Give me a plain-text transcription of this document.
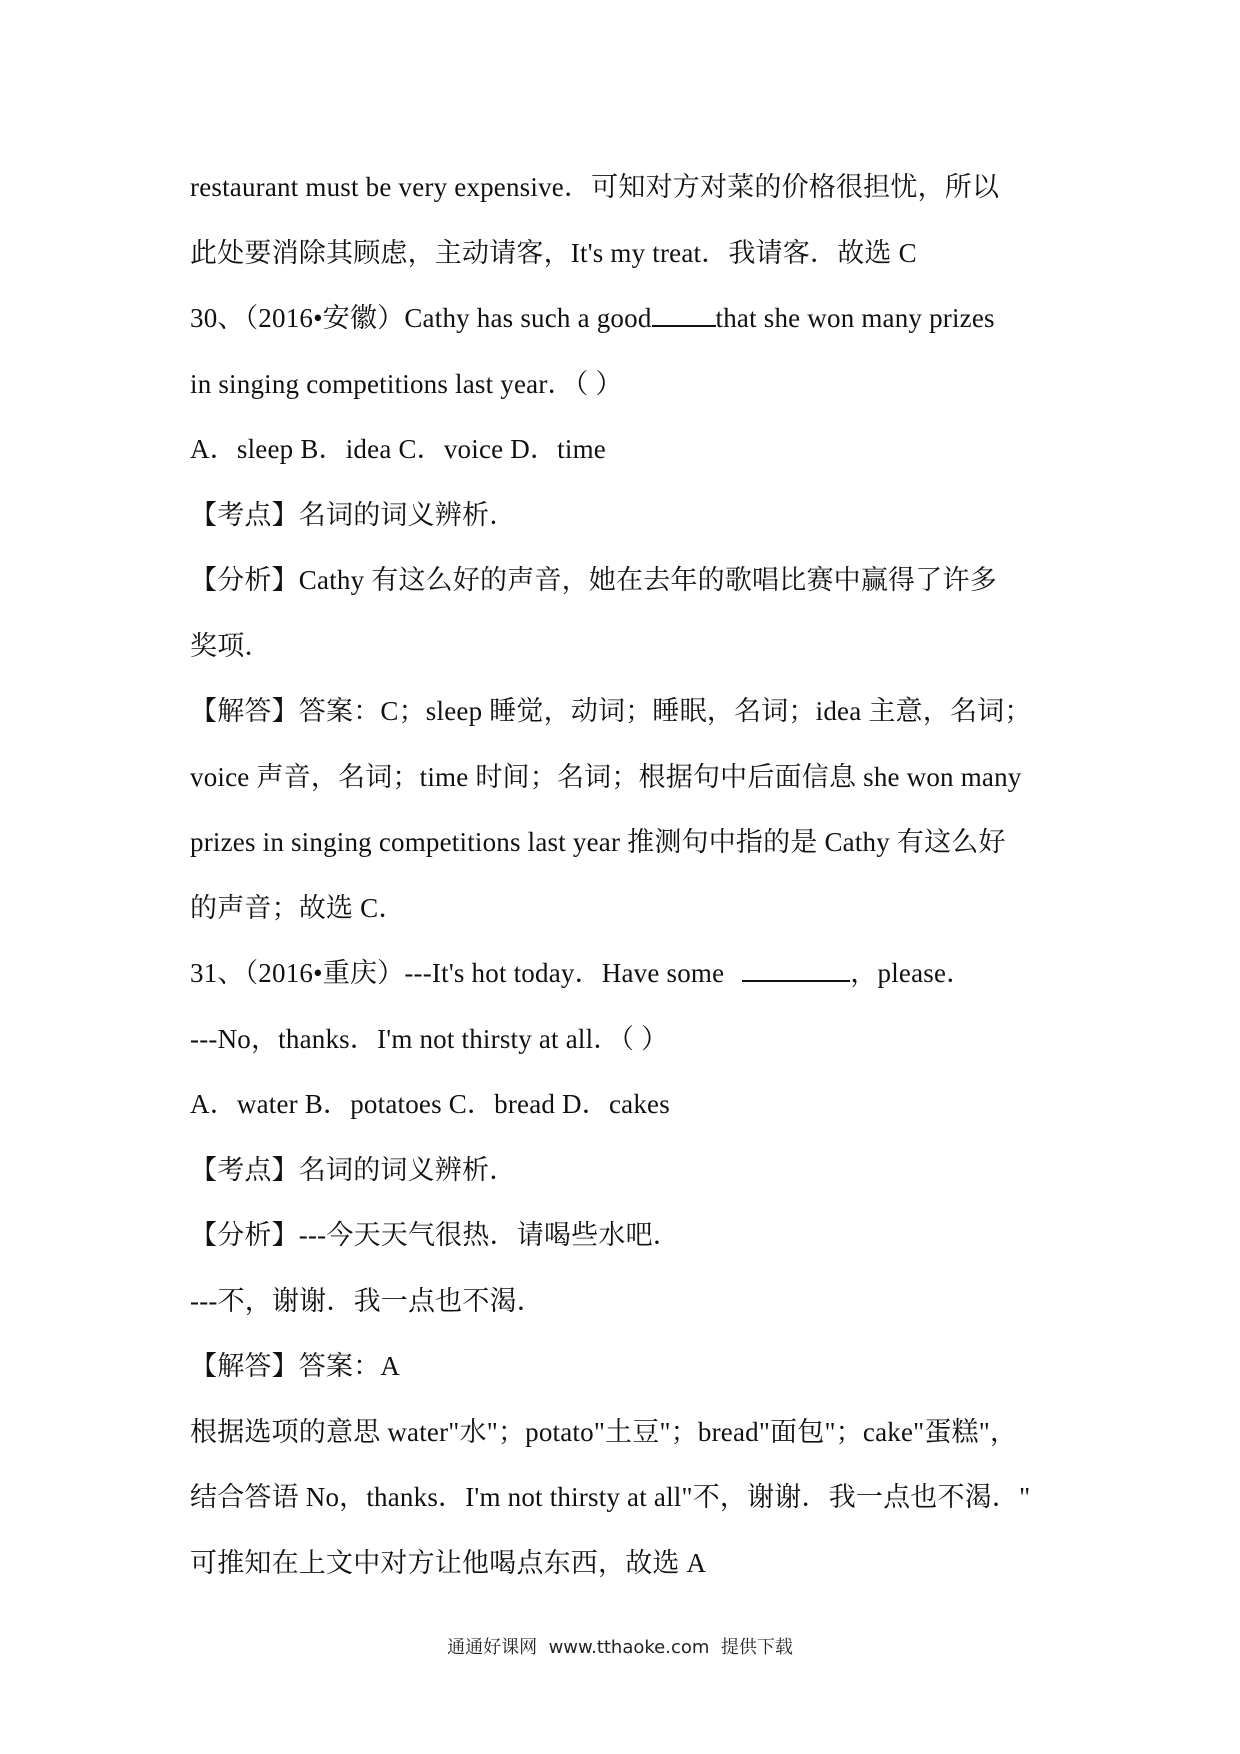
restaurant must be very expensive．可知对方对菜的价格很担忧，所以
此处要消除其顾虑，主动请客，It's my treat．我请客．故选 C
30、（2016•安徽）Cathy has such a good that she won many prizes
in singing competitions last year．（ ）
A．sleep B．idea C．voice D．time
【考点】名词的词义辨析．
【分析】Cathy 有这么好的声音，她在去年的歌唱比赛中赢得了许多
奖项．
【解答】答案：C；sleep 睡觉，动词；睡眠，名词；idea 主意，名词；
voice 声音，名词；time 时间；名词；根据句中后面信息 she won many
prizes in singing competitions last year 推测句中指的是 Cathy 有这么好
的声音；故选 C．
31、（2016•重庆）---It's hot today．Have some	，please．
---No，thanks．I'm not thirsty at all．（ ）
A．water B．potatoes C．bread D．cakes
【考点】名词的词义辨析．
【分析】---今天天气很热．请喝些水吧．
---不，谢谢．我一点也不渴．
【解答】答案：A
根据选项的意思 water"水"；potato"土豆"；bread"面包"；cake"蛋糕"，
结合答语 No，thanks．I'm not thirsty at all"不，谢谢．我一点也不渴．"
可推知在上文中对方让他喝点东西，故选 A
通通好课网  www.tthaoke.com  提供下载
